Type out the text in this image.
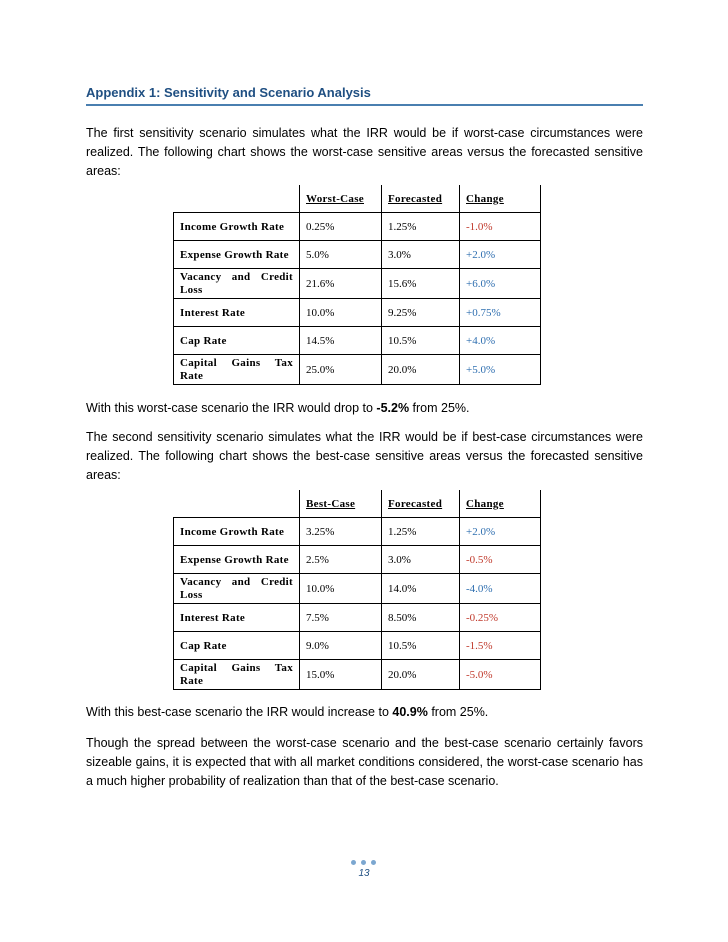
Appendix 1: Sensitivity and Scenario Analysis

The first sensitivity scenario simulates what the IRR would be if worst-case circumstances were realized. The following chart shows the worst-case sensitive areas versus the forecasted sensitive areas:

	Worst-Case	Forecasted	Change
Income Growth Rate	0.25%	1.25%	-1.0%
Expense Growth Rate	5.0%	3.0%	+2.0%
Vacancy and Credit Loss	21.6%	15.6%	+6.0%
Interest Rate	10.0%	9.25%	+0.75%
Cap Rate	14.5%	10.5%	+4.0%
Capital Gains Tax Rate	25.0%	20.0%	+5.0%

With this worst-case scenario the IRR would drop to -5.2% from 25%.

The second sensitivity scenario simulates what the IRR would be if best-case circumstances were realized. The following chart shows the best-case sensitive areas versus the forecasted sensitive areas:

	Best-Case	Forecasted	Change
Income Growth Rate	3.25%	1.25%	+2.0%
Expense Growth Rate	2.5%	3.0%	-0.5%
Vacancy and Credit Loss	10.0%	14.0%	-4.0%
Interest Rate	7.5%	8.50%	-0.25%
Cap Rate	9.0%	10.5%	-1.5%
Capital Gains Tax Rate	15.0%	20.0%	-5.0%

With this best-case scenario the IRR would increase to 40.9% from 25%.

Though the spread between the worst-case scenario and the best-case scenario certainly favors sizeable gains, it is expected that with all market conditions considered, the worst-case scenario has a much higher probability of realization than that of the best-case scenario.

13
